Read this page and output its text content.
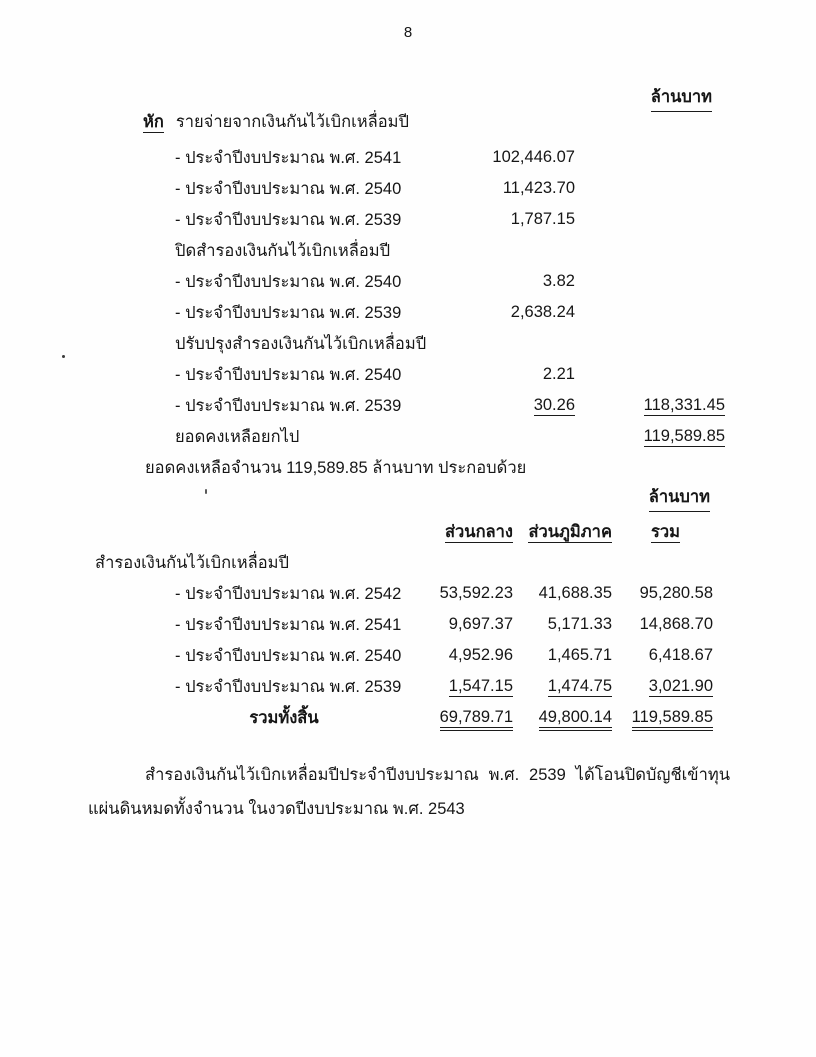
8
ล้านบาท
หัก รายจ่ายจากเงินกันไว้เบิกเหลื่อมปี
- ประจำปีงบประมาณ พ.ศ. 2541	102,446.07
- ประจำปีงบประมาณ พ.ศ. 2540	11,423.70
- ประจำปีงบประมาณ พ.ศ. 2539	1,787.15
ปิดสำรองเงินกันไว้เบิกเหลื่อมปี
- ประจำปีงบประมาณ พ.ศ. 2540	3.82
- ประจำปีงบประมาณ พ.ศ. 2539	2,638.24
ปรับปรุงสำรองเงินกันไว้เบิกเหลื่อมปี
- ประจำปีงบประมาณ พ.ศ. 2540	2.21
- ประจำปีงบประมาณ พ.ศ. 2539	30.26	118,331.45
ยอดคงเหลือยกไป	119,589.85
ยอดคงเหลือจำนวน 119,589.85 ล้านบาท ประกอบด้วย
ล้านบาท
ส่วนกลาง ส่วนภูมิภาค	รวม
สำรองเงินกันไว้เบิกเหลื่อมปี
- ประจำปีงบประมาณ พ.ศ. 2542	53,592.23	41,688.35	95,280.58
- ประจำปีงบประมาณ พ.ศ. 2541	9,697.37	5,171.33	14,868.70
- ประจำปีงบประมาณ พ.ศ. 2540	4,952.96	1,465.71	6,418.67
- ประจำปีงบประมาณ พ.ศ. 2539	1,547.15	1,474.75	3,021.90
รวมทั้งสิ้น	69,789.71	49,800.14	119,589.85
สำรองเงินกันไว้เบิกเหลื่อมปีประจำปีงบประมาณ พ.ศ. 2539 ได้โอนปิดบัญชีเข้าทุนแผ่นดินหมดทั้งจำนวน ในงวดปีงบประมาณ พ.ศ. 2543
